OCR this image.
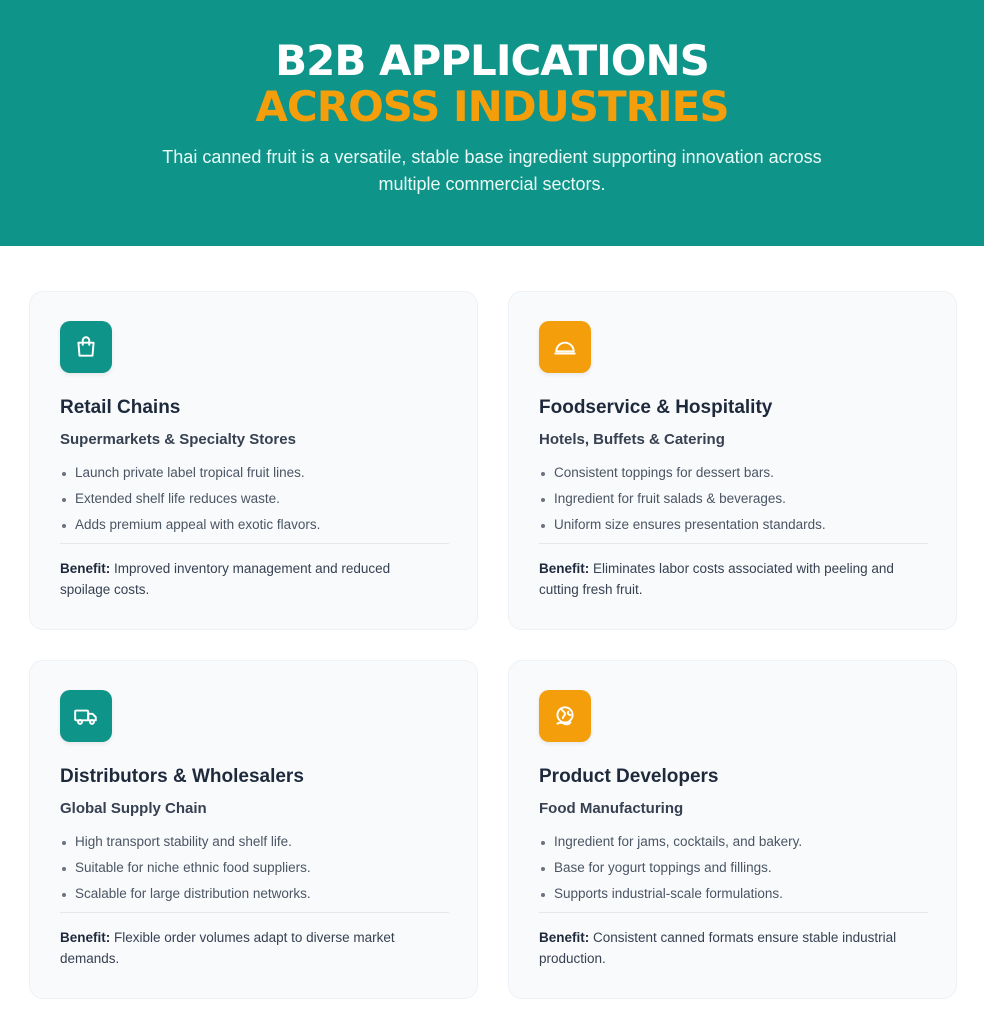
B2B APPLICATIONS
ACROSS INDUSTRIES

Thai canned fruit is a versatile, stable base ingredient supporting innovation across multiple commercial sectors.

Retail Chains
Supermarkets & Specialty Stores
Launch private label tropical fruit lines.
Extended shelf life reduces waste.
Adds premium appeal with exotic flavors.

Benefit: Improved inventory management and reduced spoilage costs.

Foodservice & Hospitality
Hotels, Buffets & Catering
Consistent toppings for dessert bars.
Ingredient for fruit salads & beverages.
Uniform size ensures presentation standards.

Benefit: Eliminates labor costs associated with peeling and cutting fresh fruit.

Distributors & Wholesalers
Global Supply Chain
High transport stability and shelf life.
Suitable for niche ethnic food suppliers.
Scalable for large distribution networks.

Benefit: Flexible order volumes adapt to diverse market demands.

Product Developers
Food Manufacturing
Ingredient for jams, cocktails, and bakery.
Base for yogurt toppings and fillings.
Supports industrial-scale formulations.

Benefit: Consistent canned formats ensure stable industrial production.
